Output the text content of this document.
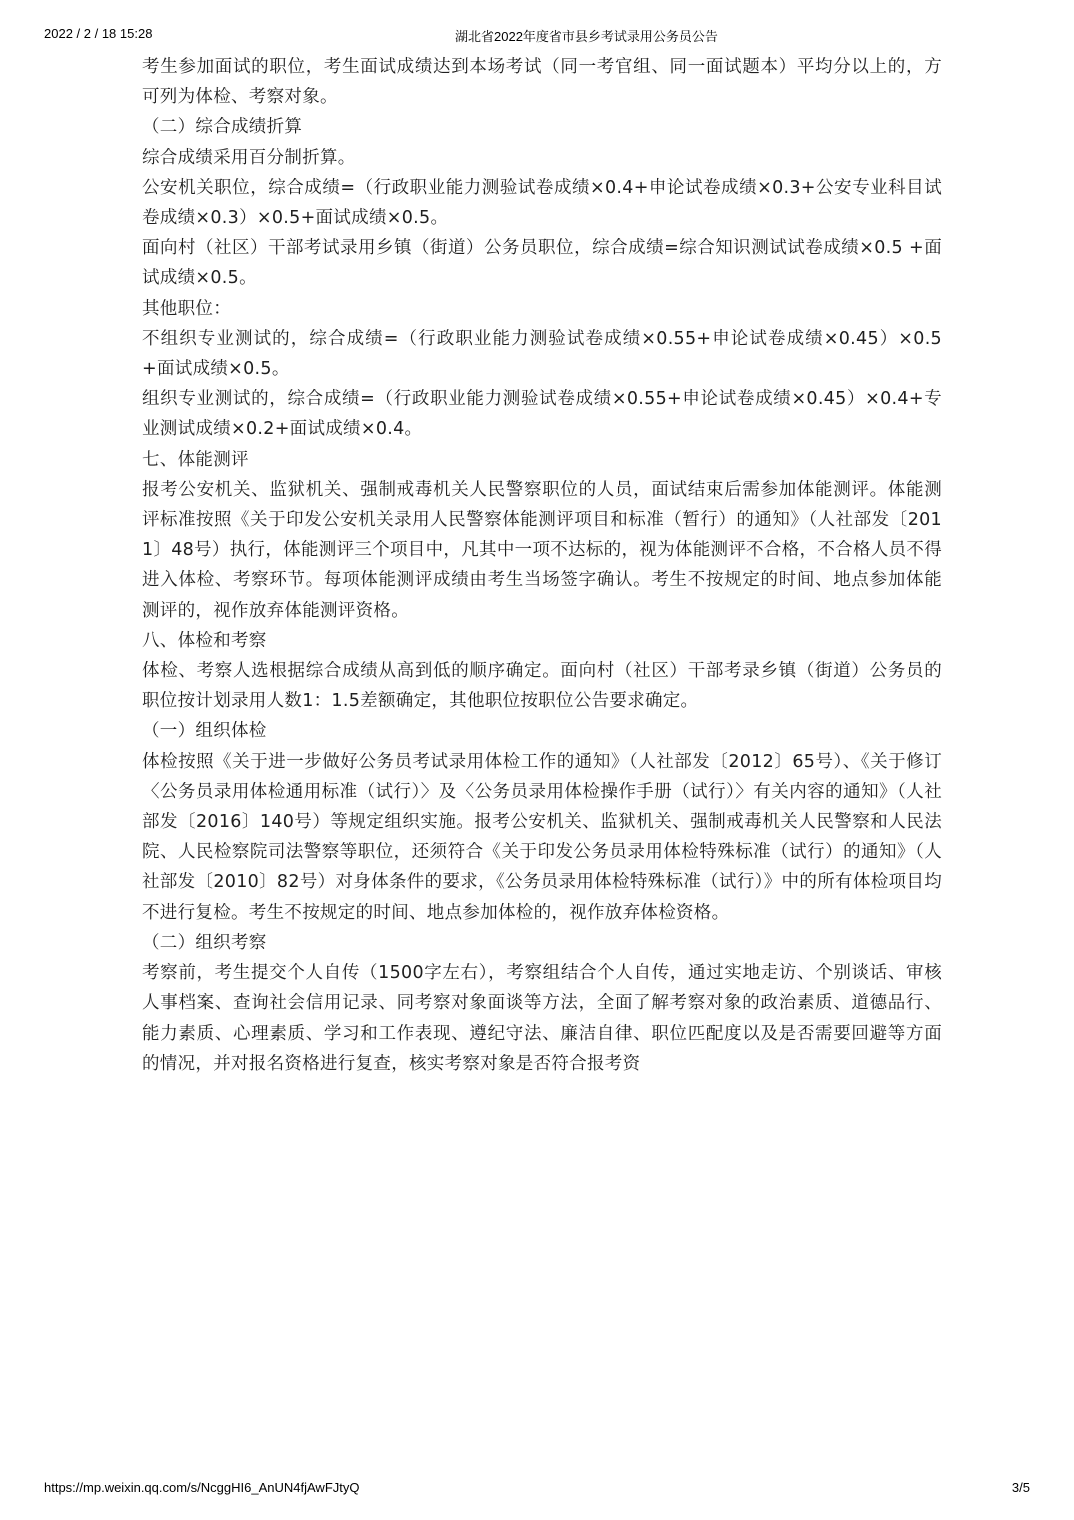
2022 / 2 / 18 15:28	湖北省2022年度省市县乡考试录用公务员公告

考生参加面试的职位，考生面试成绩达到本场考试（同一考官组、同一面试题本）平均分以上的，方可列为体检、考察对象。

（二）综合成绩折算

综合成绩采用百分制折算。

公安机关职位，综合成绩=（行政职业能力测验试卷成绩×0.4+申论试卷成绩×0.3+公安专业科目试卷成绩×0.3）×0.5+面试成绩×0.5。

面向村（社区）干部考试录用乡镇（街道）公务员职位，综合成绩=综合知识测试试卷成绩×0.5 +面试成绩×0.5。

其他职位：

不组织专业测试的，综合成绩=（行政职业能力测验试卷成绩×0.55+申论试卷成绩×0.45）×0.5 +面试成绩×0.5。

组织专业测试的，综合成绩=（行政职业能力测验试卷成绩×0.55+申论试卷成绩×0.45）×0.4+专业测试成绩×0.2+面试成绩×0.4。

七、体能测评

报考公安机关、监狱机关、强制戒毒机关人民警察职位的人员，面试结束后需参加体能测评。体能测评标准按照《关于印发公安机关录用人民警察体能测评项目和标准（暂行）的通知》（人社部发〔2011〕48号）执行，体能测评三个项目中，凡其中一项不达标的，视为体能测评不合格，不合格人员不得进入体检、考察环节。每项体能测评成绩由考生当场签字确认。考生不按规定的时间、地点参加体能测评的，视作放弃体能测评资格。

八、体检和考察

体检、考察人选根据综合成绩从高到低的顺序确定。面向村（社区）干部考录乡镇（街道）公务员的职位按计划录用人数1：1.5差额确定，其他职位按职位公告要求确定。

（一）组织体检

体检按照《关于进一步做好公务员考试录用体检工作的通知》（人社部发〔2012〕65号）、《关于修订〈公务员录用体检通用标准（试行）〉及〈公务员录用体检操作手册（试行）〉有关内容的通知》（人社部发〔2016〕140号）等规定组织实施。报考公安机关、监狱机关、强制戒毒机关人民警察和人民法院、人民检察院司法警察等职位，还须符合《关于印发公务员录用体检特殊标准（试行）的通知》（人社部发〔2010〕82号）对身体条件的要求，《公务员录用体检特殊标准（试行）》中的所有体检项目均不进行复检。考生不按规定的时间、地点参加体检的，视作放弃体检资格。

（二）组织考察

考察前，考生提交个人自传（1500字左右），考察组结合个人自传，通过实地走访、个别谈话、审核人事档案、查询社会信用记录、同考察对象面谈等方法，全面了解考察对象的政治素质、道德品行、能力素质、心理素质、学习和工作表现、遵纪守法、廉洁自律、职位匹配度以及是否需要回避等方面的情况，并对报名资格进行复查，核实考察对象是否符合报考资

https://mp.weixin.qq.com/s/NcggHI6_AnUN4fjAwFJtyQ	3/5
